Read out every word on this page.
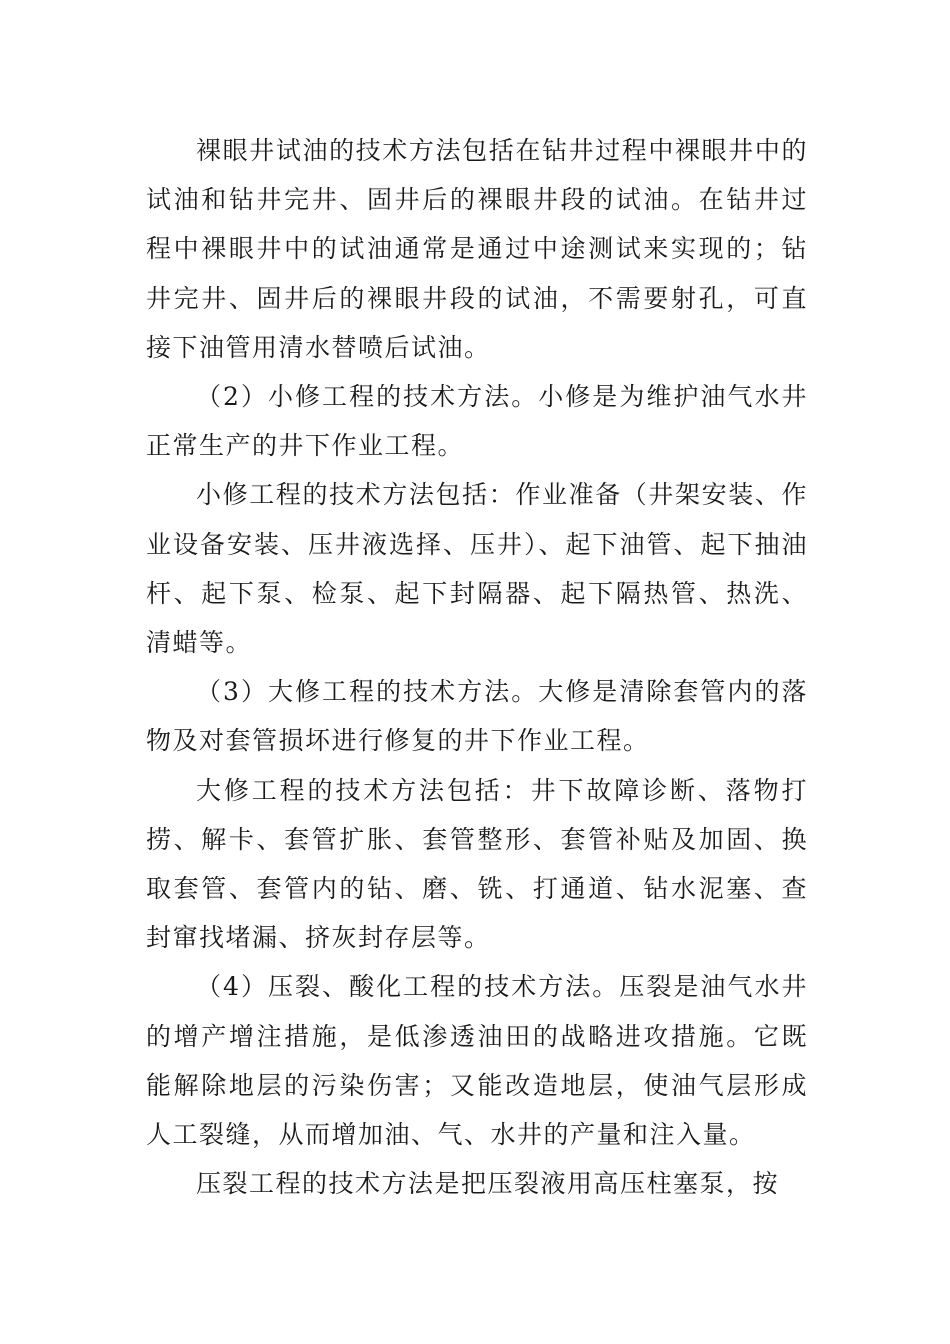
裸眼井试油的技术方法包括在钻井过程中裸眼井中的试油和钻井完井、固井后的裸眼井段的试油。在钻井过程中裸眼井中的试油通常是通过中途测试来实现的；钻井完井、固井后的裸眼井段的试油，不需要射孔，可直接下油管用清水替喷后试油。

（2）小修工程的技术方法。小修是为维护油气水井正常生产的井下作业工程。

小修工程的技术方法包括：作业准备（井架安装、作业设备安装、压井液选择、压井）、起下油管、起下抽油杆、起下泵、检泵、起下封隔器、起下隔热管、热洗、清蜡等。

（3）大修工程的技术方法。大修是清除套管内的落物及对套管损坏进行修复的井下作业工程。

大修工程的技术方法包括：井下故障诊断、落物打捞、解卡、套管扩胀、套管整形、套管补贴及加固、换取套管、套管内的钻、磨、铣、打通道、钻水泥塞、查封窜找堵漏、挤灰封存层等。

（4）压裂、酸化工程的技术方法。压裂是油气水井的增产增注措施，是低渗透油田的战略进攻措施。它既能解除地层的污染伤害；又能改造地层，使油气层形成人工裂缝，从而增加油、气、水井的产量和注入量。

压裂工程的技术方法是把压裂液用高压柱塞泵，按
